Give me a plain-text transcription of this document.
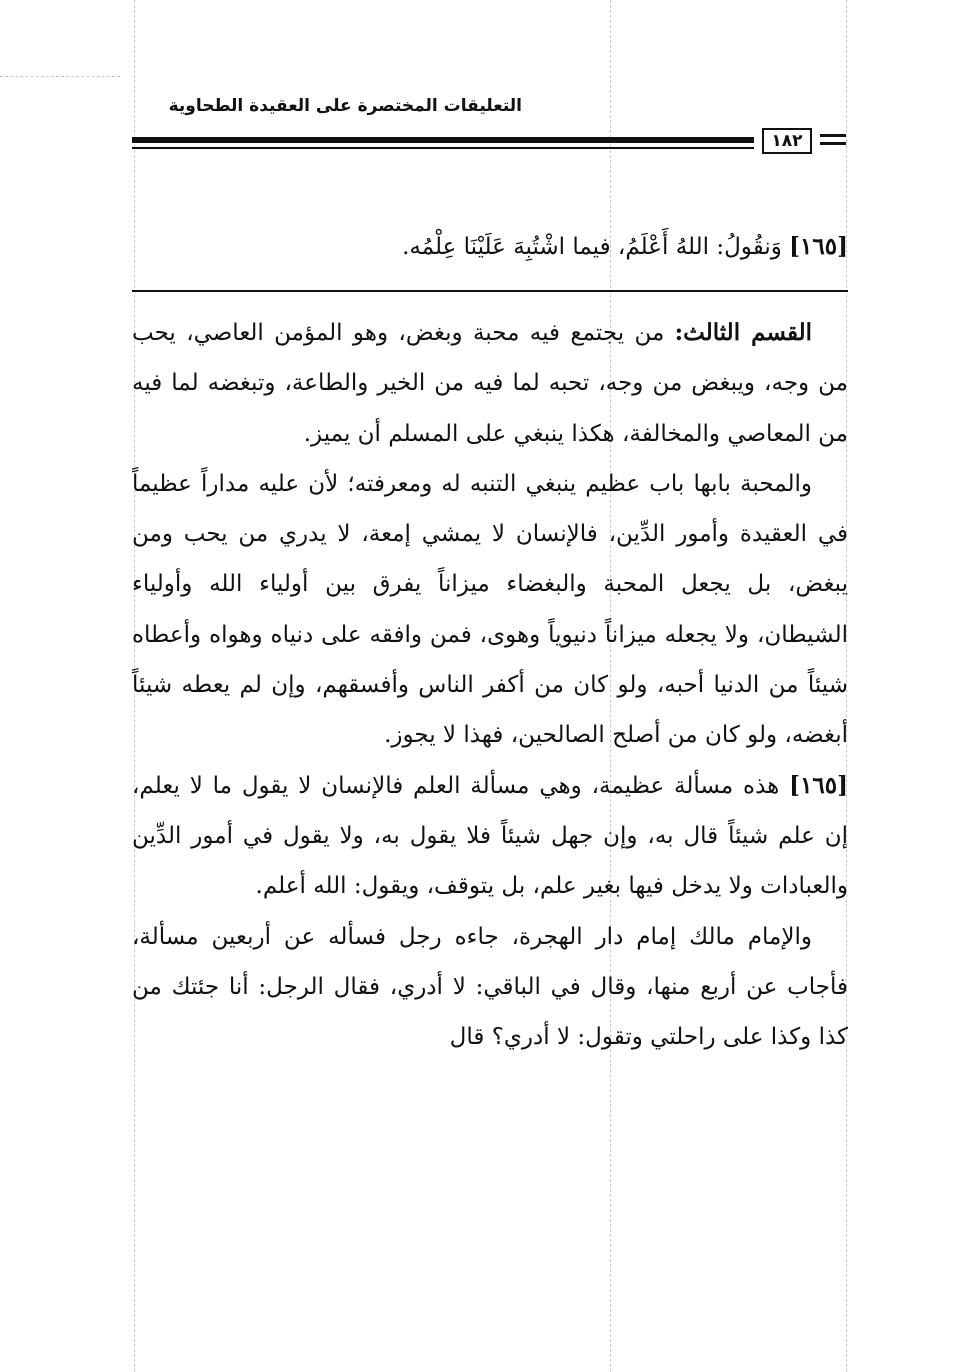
التعليقات المختصرة على العقيدة الطحاوية
١٨٢
[١٦٥] وَنقُولُ: اللهُ أَعْلَمُ، فيما اشْتُبِهَ عَلَيْنَا عِلْمُه.

القسم الثالث: من يجتمع فيه محبة وبغض، وهو المؤمن العاصي، يحب من وجه، ويبغض من وجه، تحبه لما فيه من الخير والطاعة، وتبغضه لما فيه من المعاصي والمخالفة، هكذا ينبغي على المسلم أن يميز.

والمحبة بابها باب عظيم ينبغي التنبه له ومعرفته؛ لأن عليه مداراً عظيماً في العقيدة وأمور الدِّين، فالإنسان لا يمشي إمعة، لا يدري من يحب ومن يبغض، بل يجعل المحبة والبغضاء ميزاناً يفرق بين أولياء الله وأولياء الشيطان، ولا يجعله ميزاناً دنيوياً وهوى، فمن وافقه على دنياه وهواه وأعطاه شيئاً من الدنيا أحبه، ولو كان من أكفر الناس وأفسقهم، وإن لم يعطه شيئاً أبغضه، ولو كان من أصلح الصالحين، فهذا لا يجوز.

[١٦٥] هذه مسألة عظيمة، وهي مسألة العلم فالإنسان لا يقول ما لا يعلم، إن علم شيئاً قال به، وإن جهل شيئاً فلا يقول به، ولا يقول في أمور الدِّين والعبادات ولا يدخل فيها بغير علم، بل يتوقف، ويقول: الله أعلم.

والإمام مالك إمام دار الهجرة، جاءه رجل فسأله عن أربعين مسألة، فأجاب عن أربع منها، وقال في الباقي: لا أدري، فقال الرجل: أنا جئتك من كذا وكذا على راحلتي وتقول: لا أدري؟ قال
